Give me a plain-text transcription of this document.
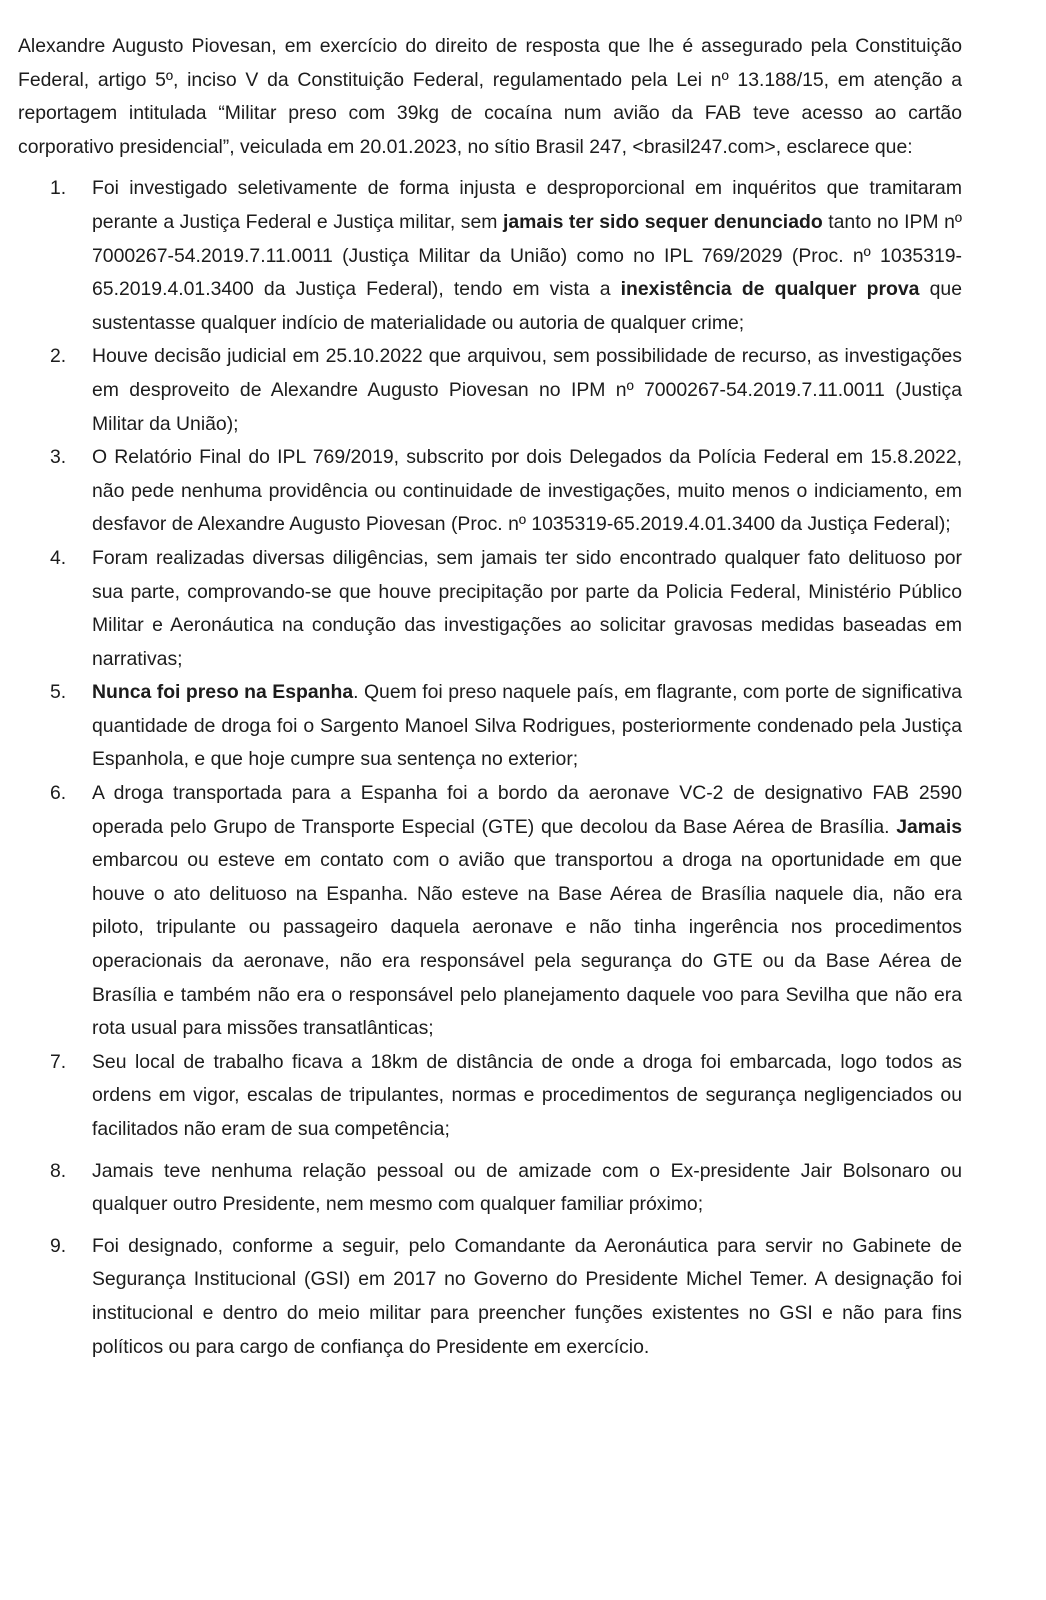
Alexandre Augusto Piovesan, em exercício do direito de resposta que lhe é assegurado pela Constituição Federal, artigo 5º, inciso V da Constituição Federal, regulamentado pela Lei nº 13.188/15, em atenção a reportagem intitulada “Militar preso com 39kg de cocaína num avião da FAB teve acesso ao cartão corporativo presidencial”, veiculada em 20.01.2023, no sítio Brasil 247, <brasil247.com>, esclarece que:

1.	Foi investigado seletivamente de forma injusta e desproporcional em inquéritos que tramitaram perante a Justiça Federal e Justiça militar, sem jamais ter sido sequer denunciado tanto no IPM nº 7000267-54.2019.7.11.0011 (Justiça Militar da União) como no IPL 769/2029 (Proc. nº 1035319-65.2019.4.01.3400 da Justiça Federal), tendo em vista a inexistência de qualquer prova que sustentasse qualquer indício de materialidade ou autoria de qualquer crime;
2.	Houve decisão judicial em 25.10.2022 que arquivou, sem possibilidade de recurso, as investigações em desproveito de Alexandre Augusto Piovesan no IPM nº 7000267-54.2019.7.11.0011 (Justiça Militar da União);
3.	O Relatório Final do IPL 769/2019, subscrito por dois Delegados da Polícia Federal em 15.8.2022, não pede nenhuma providência ou continuidade de investigações, muito menos o indiciamento, em desfavor de Alexandre Augusto Piovesan (Proc. nº 1035319-65.2019.4.01.3400 da Justiça Federal);
4.	Foram realizadas diversas diligências, sem jamais ter sido encontrado qualquer fato delituoso por sua parte, comprovando-se que houve precipitação por parte da Policia Federal, Ministério Público Militar e Aeronáutica na condução das investigações ao solicitar gravosas medidas baseadas em narrativas;
5.	Nunca foi preso na Espanha. Quem foi preso naquele país, em flagrante, com porte de significativa quantidade de droga foi o Sargento Manoel Silva Rodrigues, posteriormente condenado pela Justiça Espanhola, e que hoje cumpre sua sentença no exterior;
6.	A droga transportada para a Espanha foi a bordo da aeronave VC-2 de designativo FAB 2590 operada pelo Grupo de Transporte Especial (GTE) que decolou da Base Aérea de Brasília. Jamais embarcou ou esteve em contato com o avião que transportou a droga na oportunidade em que houve o ato delituoso na Espanha. Não esteve na Base Aérea de Brasília naquele dia, não era piloto, tripulante ou passageiro daquela aeronave e não tinha ingerência nos procedimentos operacionais da aeronave, não era responsável pela segurança do GTE ou da Base Aérea de Brasília e também não era o responsável pelo planejamento daquele voo para Sevilha que não era rota usual para missões transatlânticas;
7.	Seu local de trabalho ficava a 18km de distância de onde a droga foi embarcada, logo todos as ordens em vigor, escalas de tripulantes, normas e procedimentos de segurança negligenciados ou facilitados não eram de sua competência;
8.	Jamais teve nenhuma relação pessoal ou de amizade com o Ex-presidente Jair Bolsonaro ou qualquer outro Presidente, nem mesmo com qualquer familiar próximo;
9.	Foi designado, conforme a seguir, pelo Comandante da Aeronáutica para servir no Gabinete de Segurança Institucional (GSI) em 2017 no Governo do Presidente Michel Temer. A designação foi institucional e dentro do meio militar para preencher funções existentes no GSI e não para fins políticos ou para cargo de confiança do Presidente em exercício.
